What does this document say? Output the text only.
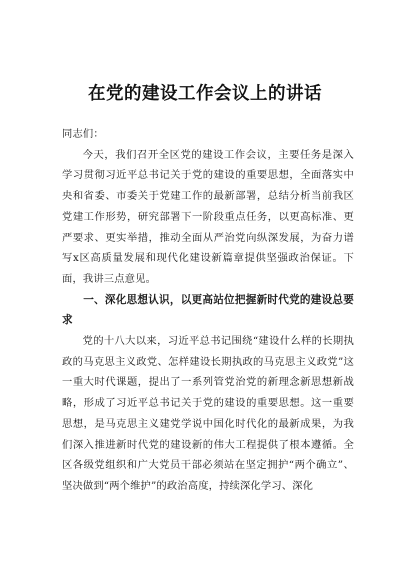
在党的建设工作会议上的讲话

同志们：

今天，我们召开全区党的建设工作会议，主要任务是深入学习贯彻习近平总书记关于党的建设的重要思想，全面落实中央和省委、市委关于党建工作的最新部署，总结分析当前我区党建工作形势，研究部署下一阶段重点任务，以更高标准、更严要求、更实举措，推动全面从严治党向纵深发展，为奋力谱写x区高质量发展和现代化建设新篇章提供坚强政治保证。下面，我讲三点意见。

一、深化思想认识，以更高站位把握新时代党的建设总要求

党的十八大以来，习近平总书记围绕“建设什么样的长期执政的马克思主义政党、怎样建设长期执政的马克思主义政党”这一重大时代课题，提出了一系列管党治党的新理念新思想新战略，形成了习近平总书记关于党的建设的重要思想。这一重要思想，是马克思主义建党学说中国化时代化的最新成果，为我们深入推进新时代党的建设新的伟大工程提供了根本遵循。全区各级党组织和广大党员干部必须站在坚定拥护“两个确立”、坚决做到“两个维护”的政治高度，持续深化学习、深化
